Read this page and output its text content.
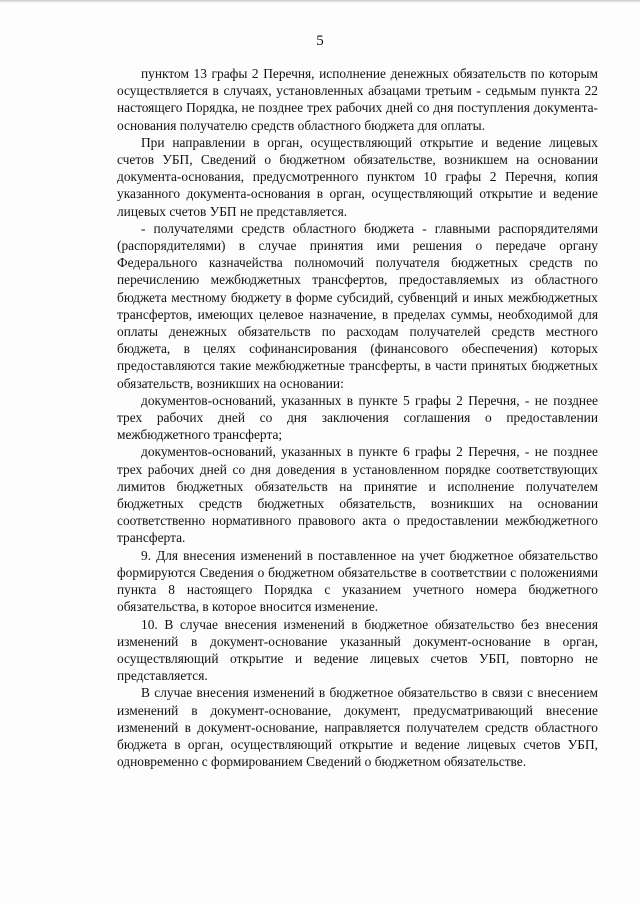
5

пунктом 13 графы 2 Перечня, исполнение денежных обязательств по которым осуществляется в случаях, установленных абзацами третьим - седьмым пункта 22 настоящего Порядка, не позднее трех рабочих дней со дня поступления документа-основания получателю средств областного бюджета для оплаты.

При направлении в орган, осуществляющий открытие и ведение лицевых счетов УБП, Сведений о бюджетном обязательстве, возникшем на основании документа-основания, предусмотренного пунктом 10 графы 2 Перечня, копия указанного документа-основания в орган, осуществляющий открытие и ведение лицевых счетов УБП не представляется.

- получателями средств областного бюджета - главными распорядителями (распорядителями) в случае принятия ими решения о передаче органу Федерального казначейства полномочий получателя бюджетных средств по перечислению межбюджетных трансфертов, предоставляемых из областного бюджета местному бюджету в форме субсидий, субвенций и иных межбюджетных трансфертов, имеющих целевое назначение, в пределах суммы, необходимой для оплаты денежных обязательств по расходам получателей средств местного бюджета, в целях софинансирования (финансового обеспечения) которых предоставляются такие межбюджетные трансферты, в части принятых бюджетных обязательств, возникших на основании:

документов-оснований, указанных в пункте 5 графы 2 Перечня, - не позднее трех рабочих дней со дня заключения соглашения о предоставлении межбюджетного трансферта;

документов-оснований, указанных в пункте 6 графы 2 Перечня, - не позднее трех рабочих дней со дня доведения в установленном порядке соответствующих лимитов бюджетных обязательств на принятие и исполнение получателем бюджетных средств бюджетных обязательств, возникших на основании соответственно нормативного правового акта о предоставлении межбюджетного трансферта.

9. Для внесения изменений в поставленное на учет бюджетное обязательство формируются Сведения о бюджетном обязательстве в соответствии с положениями пункта 8 настоящего Порядка с указанием учетного номера бюджетного обязательства, в которое вносится изменение.

10. В случае внесения изменений в бюджетное обязательство без внесения изменений в документ-основание указанный документ-основание в орган, осуществляющий открытие и ведение лицевых счетов УБП, повторно не представляется.

В случае внесения изменений в бюджетное обязательство в связи с внесением изменений в документ-основание, документ, предусматривающий внесение изменений в документ-основание, направляется получателем средств областного бюджета в орган, осуществляющий открытие и ведение лицевых счетов УБП, одновременно с формированием Сведений о бюджетном обязательстве.
